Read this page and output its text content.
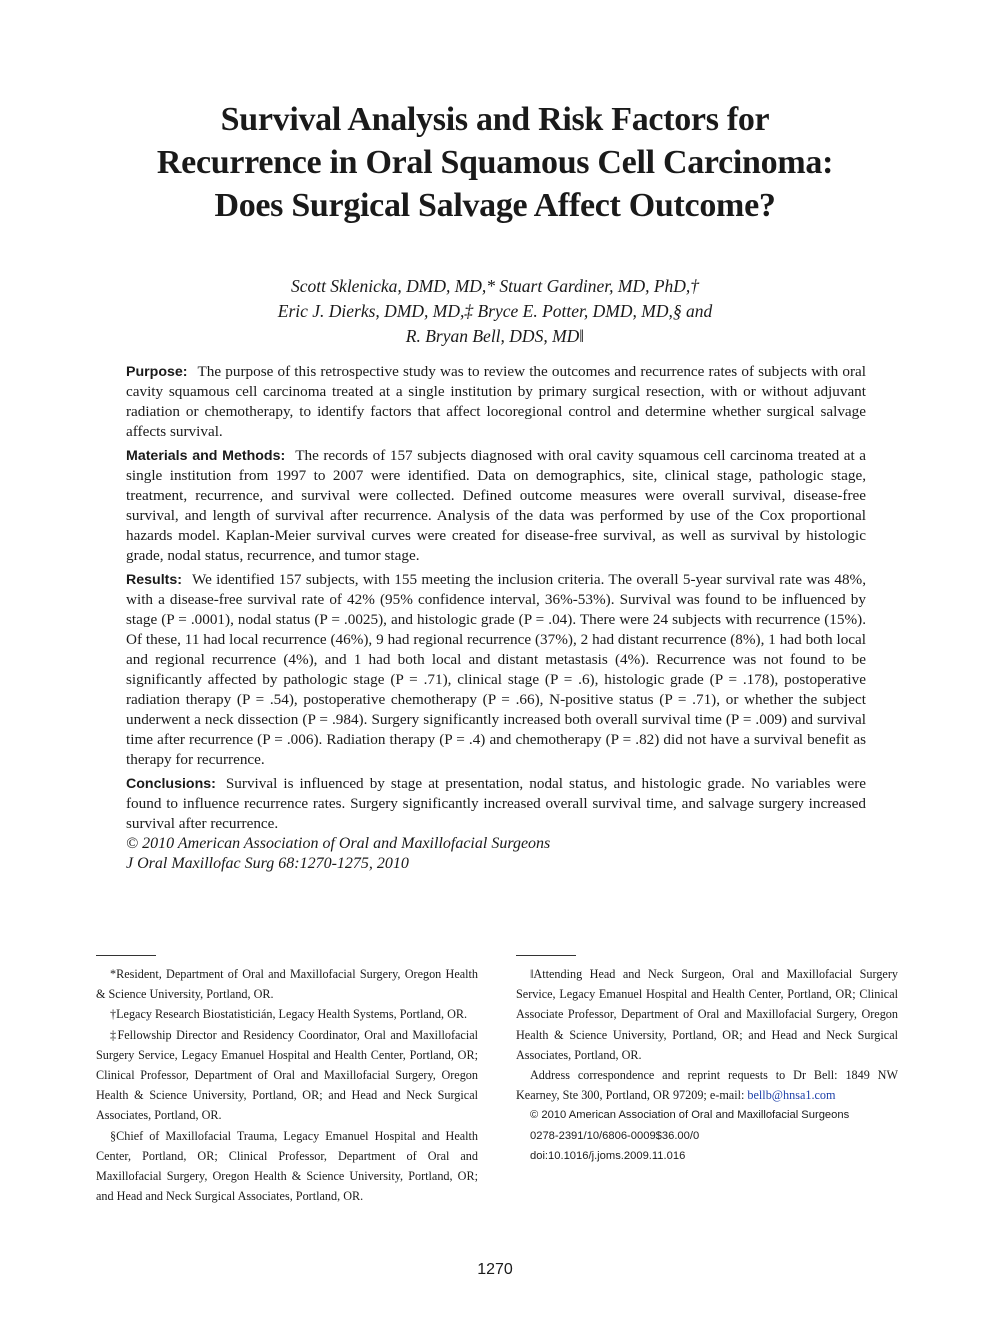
Survival Analysis and Risk Factors for Recurrence in Oral Squamous Cell Carcinoma: Does Surgical Salvage Affect Outcome?
Scott Sklenicka, DMD, MD,* Stuart Gardiner, MD, PhD,†
Eric J. Dierks, DMD, MD,‡ Bryce E. Potter, DMD, MD,§ and
R. Bryan Bell, DDS, MD‖

Purpose: The purpose of this retrospective study was to review the outcomes and recurrence rates of subjects with oral cavity squamous cell carcinoma treated at a single institution by primary surgical resection, with or without adjuvant radiation or chemotherapy, to identify factors that affect locoregional control and determine whether surgical salvage affects survival.

Materials and Methods: The records of 157 subjects diagnosed with oral cavity squamous cell carcinoma treated at a single institution from 1997 to 2007 were identified. Data on demographics, site, clinical stage, pathologic stage, treatment, recurrence, and survival were collected. Defined outcome measures were overall survival, disease-free survival, and length of survival after recurrence. Analysis of the data was performed by use of the Cox proportional hazards model. Kaplan-Meier survival curves were created for disease-free survival, as well as survival by histologic grade, nodal status, recurrence, and tumor stage.

Results: We identified 157 subjects, with 155 meeting the inclusion criteria. The overall 5-year survival rate was 48%, with a disease-free survival rate of 42% (95% confidence interval, 36%-53%). Survival was found to be influenced by stage (P = .0001), nodal status (P = .0025), and histologic grade (P = .04). There were 24 subjects with recurrence (15%). Of these, 11 had local recurrence (46%), 9 had regional recurrence (37%), 2 had distant recurrence (8%), 1 had both local and regional recurrence (4%), and 1 had both local and distant metastasis (4%). Recurrence was not found to be significantly affected by pathologic stage (P = .71), clinical stage (P = .6), histologic grade (P = .178), postoperative radiation therapy (P = .54), postoperative chemotherapy (P = .66), N-positive status (P = .71), or whether the subject underwent a neck dissection (P = .984). Surgery significantly increased both overall survival time (P = .009) and survival time after recurrence (P = .006). Radiation therapy (P = .4) and chemotherapy (P = .82) did not have a survival benefit as therapy for recurrence.

Conclusions: Survival is influenced by stage at presentation, nodal status, and histologic grade. No variables were found to influence recurrence rates. Surgery significantly increased overall survival time, and salvage surgery increased survival after recurrence.

© 2010 American Association of Oral and Maxillofacial Surgeons

J Oral Maxillofac Surg 68:1270-1275, 2010

*Resident, Department of Oral and Maxillofacial Surgery, Oregon Health & Science University, Portland, OR.

†Legacy Research Biostatisticián, Legacy Health Systems, Portland, OR.

‡Fellowship Director and Residency Coordinator, Oral and Maxillofacial Surgery Service, Legacy Emanuel Hospital and Health Center, Portland, OR; Clinical Professor, Department of Oral and Maxillofacial Surgery, Oregon Health & Science University, Portland, OR; and Head and Neck Surgical Associates, Portland, OR.

§Chief of Maxillofacial Trauma, Legacy Emanuel Hospital and Health Center, Portland, OR; Clinical Professor, Department of Oral and Maxillofacial Surgery, Oregon Health & Science University, Portland, OR; and Head and Neck Surgical Associates, Portland, OR.

‖Attending Head and Neck Surgeon, Oral and Maxillofacial Surgery Service, Legacy Emanuel Hospital and Health Center, Portland, OR; Clinical Associate Professor, Department of Oral and Maxillofacial Surgery, Oregon Health & Science University, Portland, OR; and Head and Neck Surgical Associates, Portland, OR.

Address correspondence and reprint requests to Dr Bell: 1849 NW Kearney, Ste 300, Portland, OR 97209; e-mail: bellb@hnsa1.com

© 2010 American Association of Oral and Maxillofacial Surgeons

0278-2391/10/6806-0009$36.00/0

doi:10.1016/j.joms.2009.11.016

1270
